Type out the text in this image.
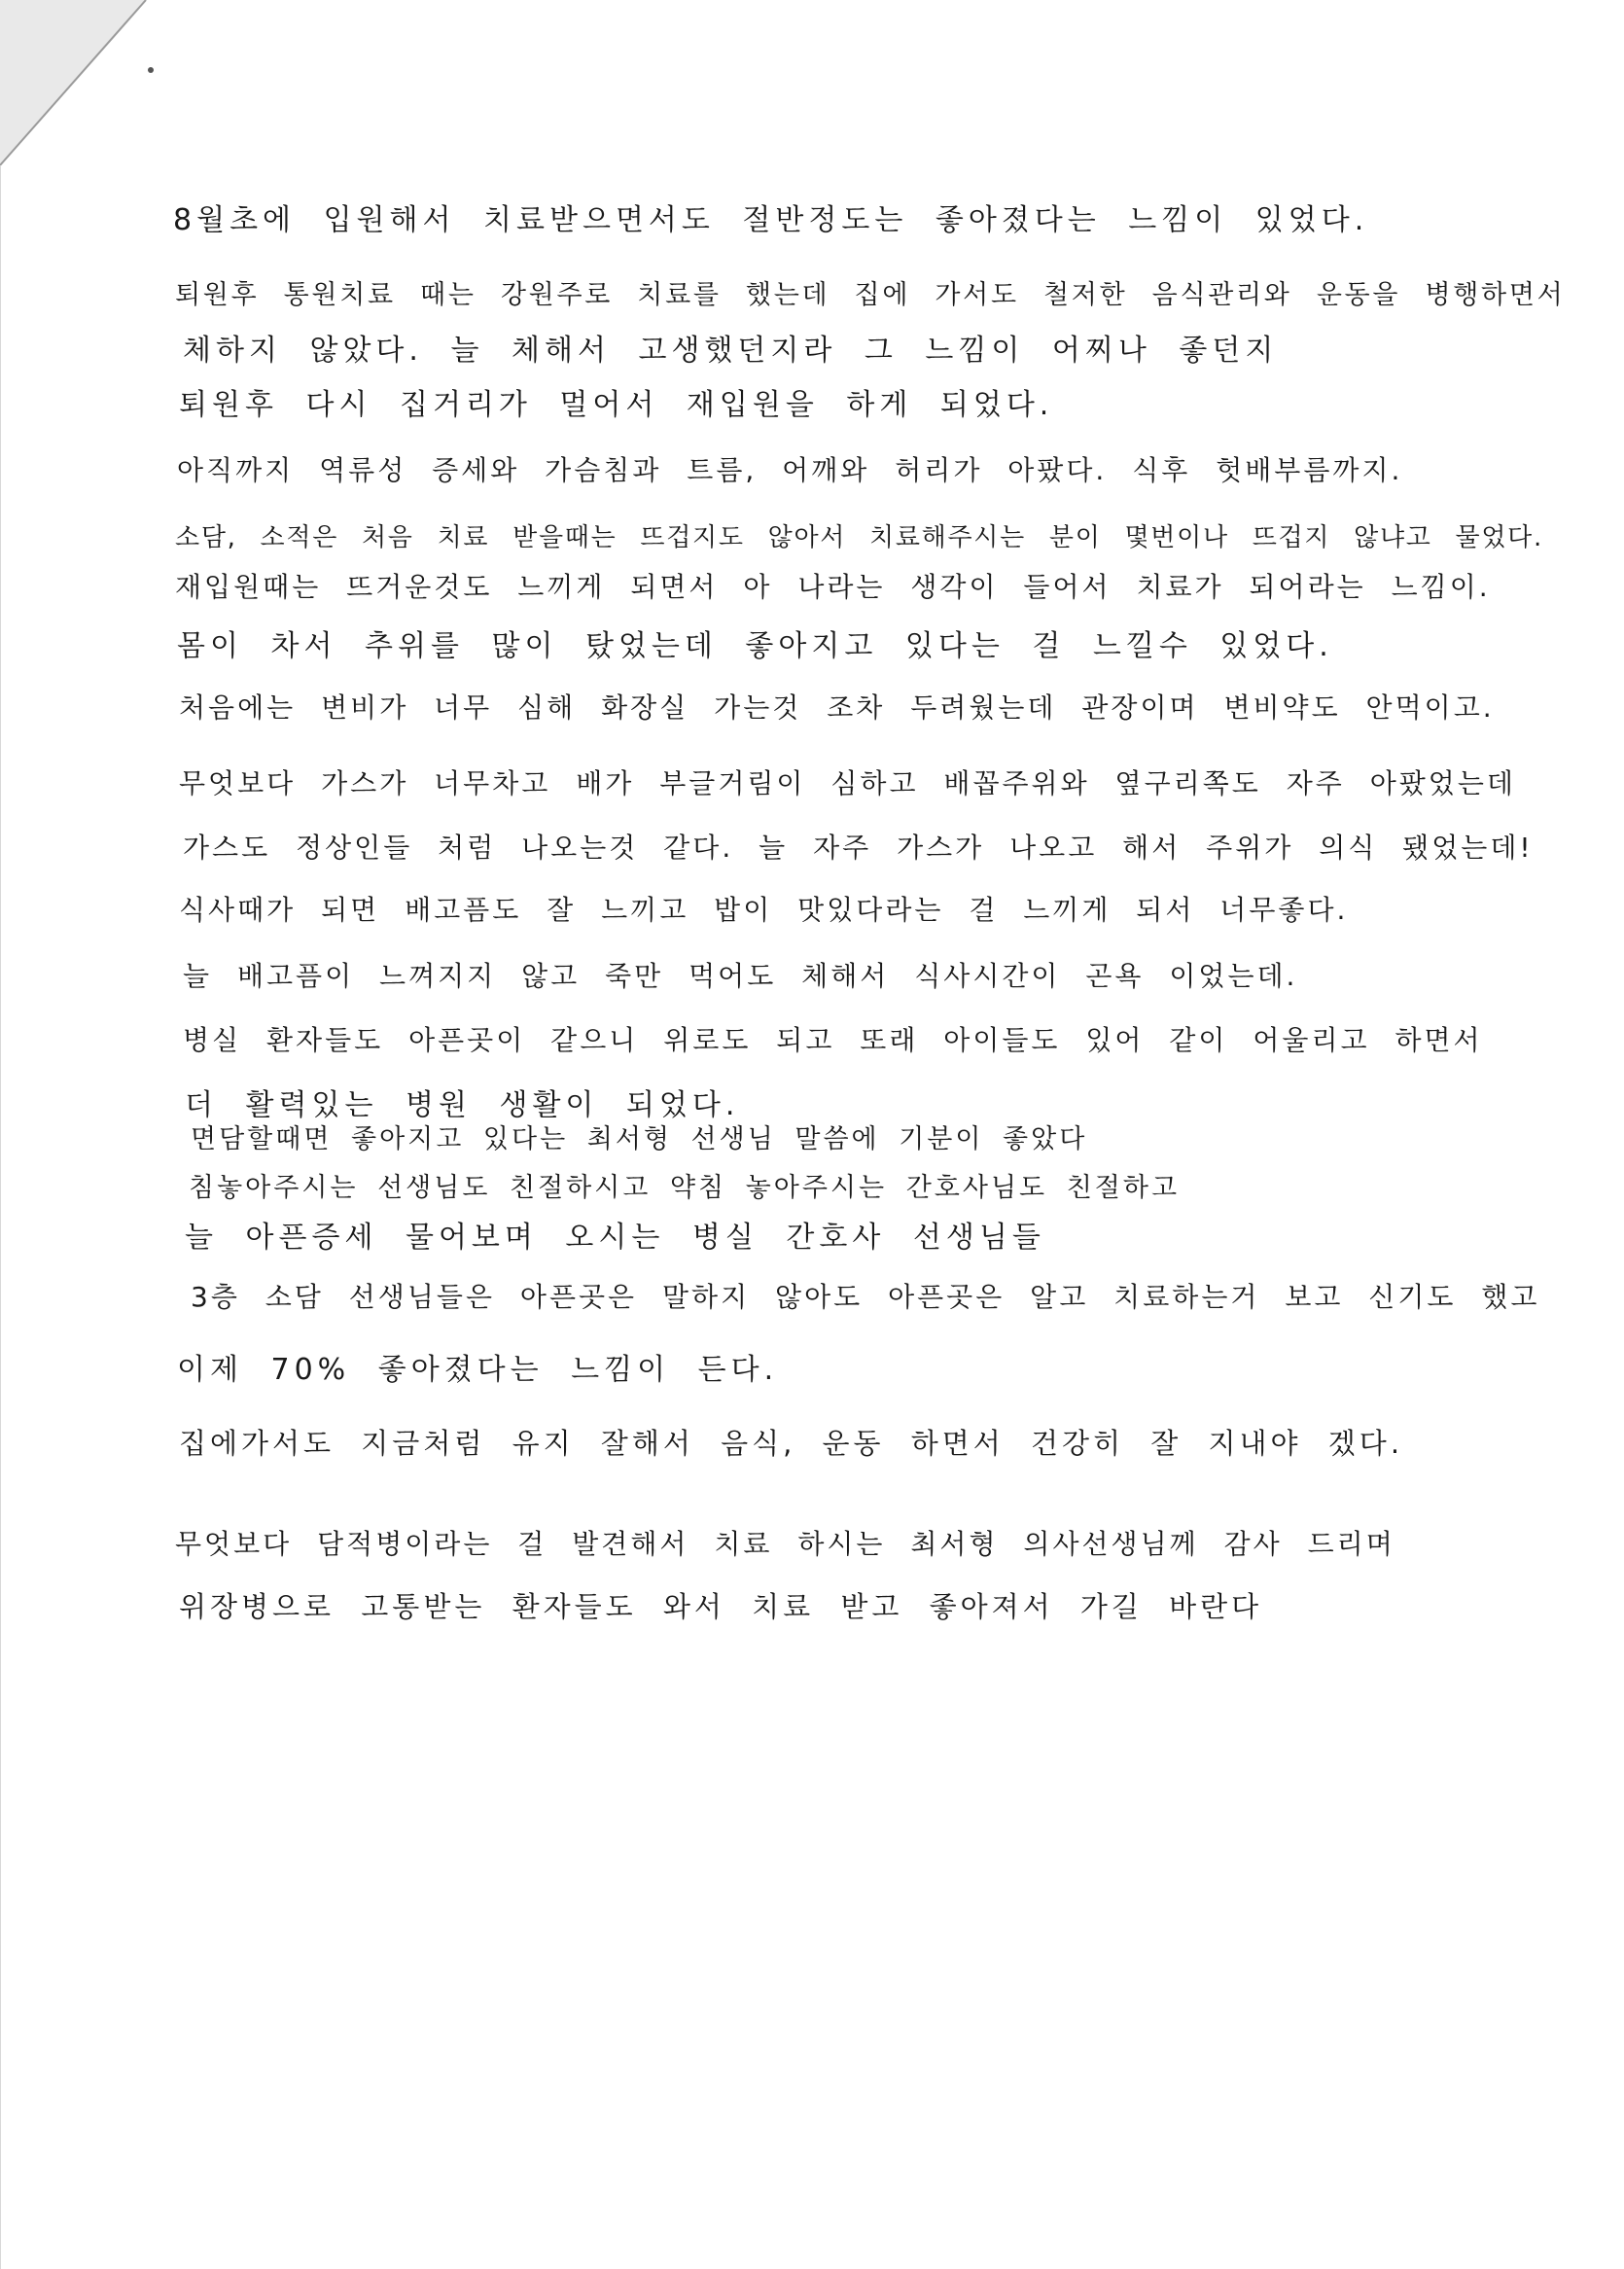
8월초에 입원해서 치료받으면서도 절반정도는 좋아졌다는 느낌이 있었다.
퇴원후 통원치료 때는 강원주로 치료를 했는데 집에 가서도 철저한 음식관리와 운동을 병행하면서
체하지 않았다. 늘 체해서 고생했던지라 그 느낌이 어찌나 좋던지
퇴원후 다시 집거리가 멀어서 재입원을 하게 되었다.
아직까지 역류성 증세와 가슴침과 트름, 어깨와 허리가 아팠다. 식후 헛배부름까지.
소담, 소적은 처음 치료 받을때는 뜨겁지도 않아서 치료해주시는 분이 몇번이나 뜨겁지 않냐고 물었다.
재입원때는 뜨거운것도 느끼게 되면서 아 나라는 생각이 들어서 치료가 되어라는 느낌이.
몸이 차서 추위를 많이 탔었는데 좋아지고 있다는 걸 느낄수 있었다.
처음에는 변비가 너무 심해 화장실 가는것 조차 두려웠는데 관장이며 변비약도 안먹이고.
무엇보다 가스가 너무차고 배가 부글거림이 심하고 배꼽주위와 옆구리쪽도 자주 아팠었는데
가스도 정상인들 처럼 나오는것 같다. 늘 자주 가스가 나오고 해서 주위가 의식 됐었는데!
식사때가 되면 배고픔도 잘 느끼고 밥이 맛있다라는 걸 느끼게 되서 너무좋다.
늘 배고픔이 느껴지지 않고 죽만 먹어도 체해서 식사시간이 곤욕 이었는데.
병실 환자들도 아픈곳이 같으니 위로도 되고 또래 아이들도 있어 같이 어울리고 하면서
더 활력있는 병원 생활이 되었다.
면담할때면 좋아지고 있다는 최서형 선생님 말씀에 기분이 좋았다
침놓아주시는 선생님도 친절하시고 약침 놓아주시는 간호사님도 친절하고
늘 아픈증세 물어보며 오시는 병실 간호사 선생님들
3층 소담 선생님들은 아픈곳은 말하지 않아도 아픈곳은 알고 치료하는거 보고 신기도 했고
이제 70% 좋아졌다는 느낌이 든다.
집에가서도 지금처럼 유지 잘해서 음식, 운동 하면서 건강히 잘 지내야 겠다.
무엇보다 담적병이라는 걸 발견해서 치료 하시는 최서형 의사선생님께 감사 드리며
위장병으로 고통받는 환자들도 와서 치료 받고 좋아져서 가길 바란다
